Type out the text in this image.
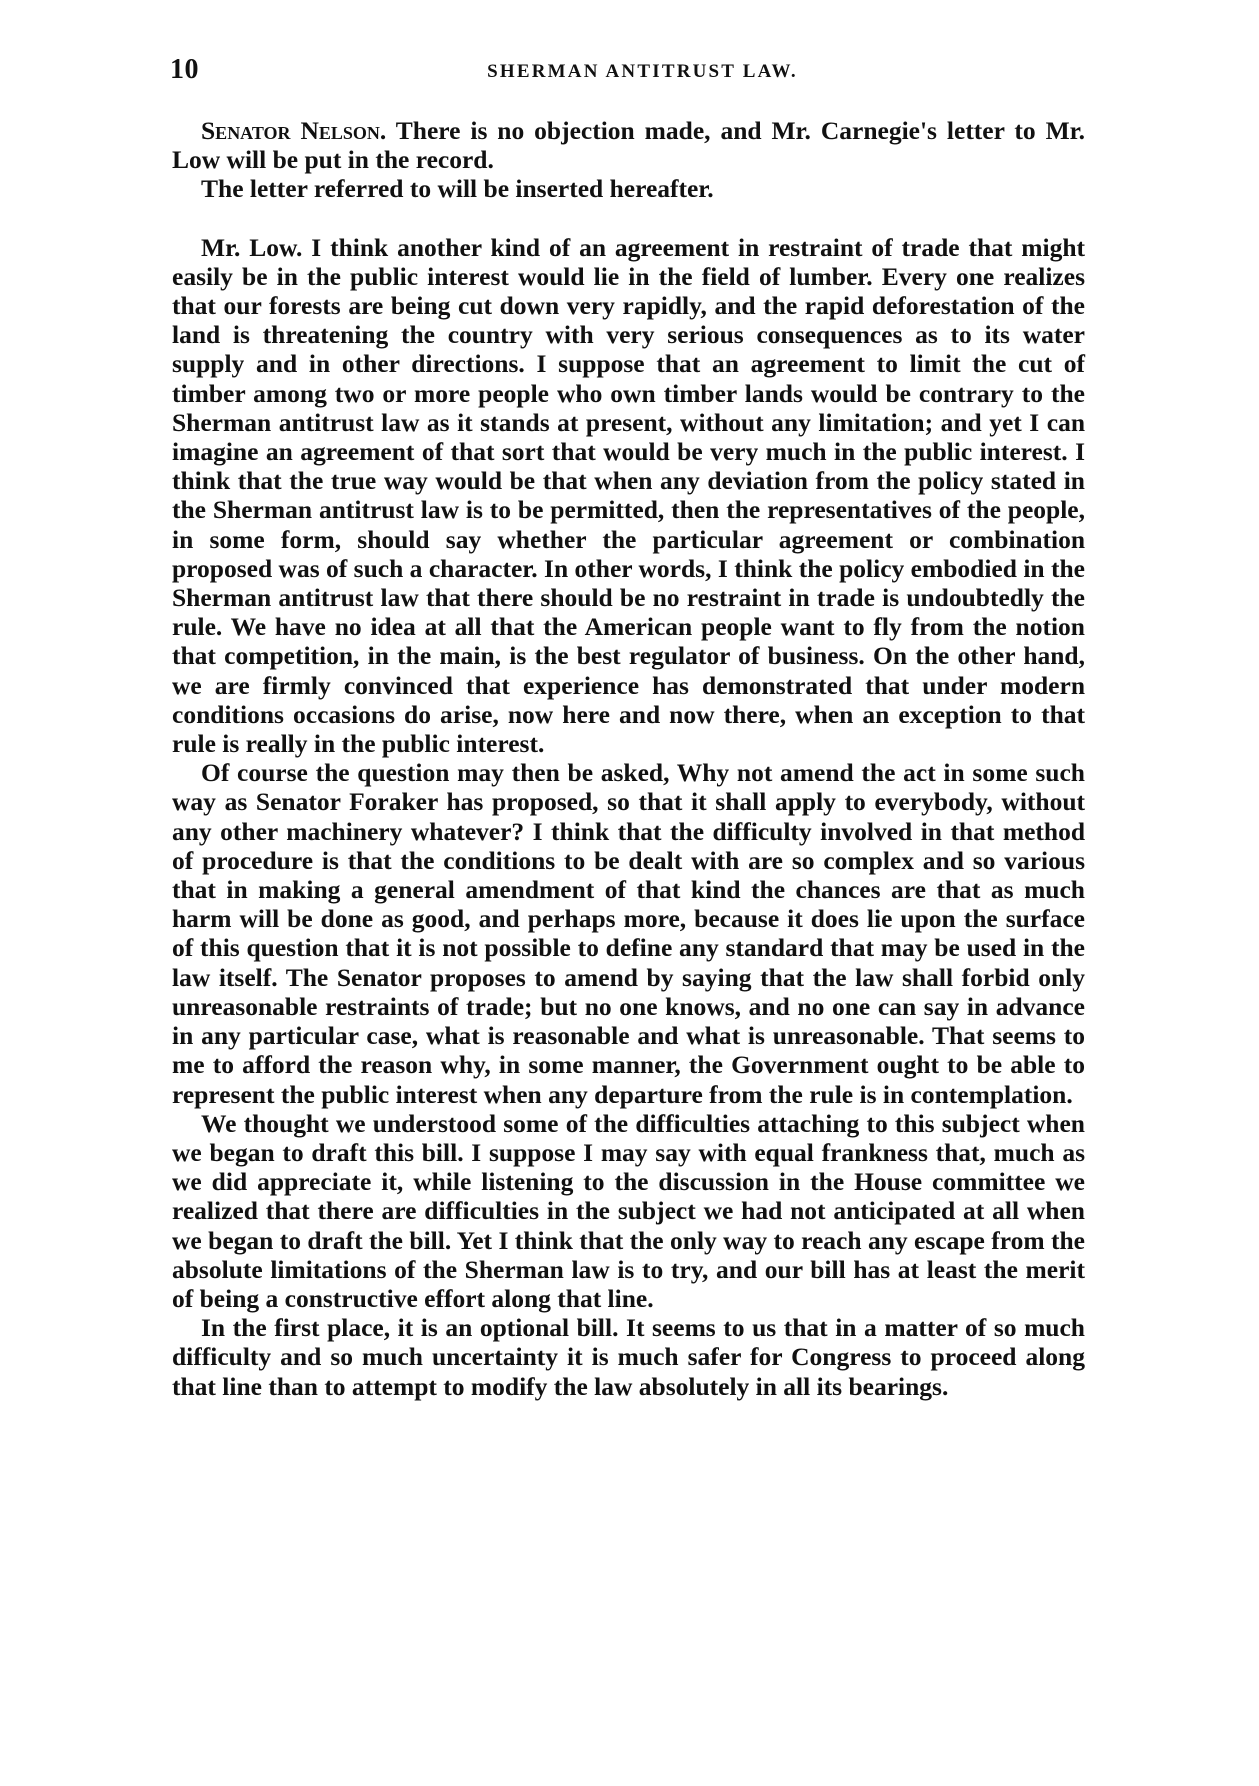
10	SHERMAN ANTITRUST LAW.

Senator Nelson. There is no objection made, and Mr. Carnegie's letter to Mr. Low will be put in the record.

The letter referred to will be inserted hereafter.

Mr. Low. I think another kind of an agreement in restraint of trade that might easily be in the public interest would lie in the field of lumber. Every one realizes that our forests are being cut down very rapidly, and the rapid deforestation of the land is threatening the country with very serious consequences as to its water supply and in other directions. I suppose that an agreement to limit the cut of timber among two or more people who own timber lands would be contrary to the Sherman antitrust law as it stands at present, without any limitation; and yet I can imagine an agreement of that sort that would be very much in the public interest. I think that the true way would be that when any deviation from the policy stated in the Sherman antitrust law is to be permitted, then the representatives of the people, in some form, should say whether the particular agreement or combination proposed was of such a character. In other words, I think the policy embodied in the Sherman antitrust law that there should be no restraint in trade is undoubtedly the rule. We have no idea at all that the American people want to fly from the notion that competition, in the main, is the best regulator of business. On the other hand, we are firmly convinced that experience has demonstrated that under modern conditions occasions do arise, now here and now there, when an exception to that rule is really in the public interest.

Of course the question may then be asked, Why not amend the act in some such way as Senator Foraker has proposed, so that it shall apply to everybody, without any other machinery whatever? I think that the difficulty involved in that method of procedure is that the conditions to be dealt with are so complex and so various that in making a general amendment of that kind the chances are that as much harm will be done as good, and perhaps more, because it does lie upon the surface of this question that it is not possible to define any standard that may be used in the law itself. The Senator proposes to amend by saying that the law shall forbid only unreasonable restraints of trade; but no one knows, and no one can say in advance in any particular case, what is reasonable and what is unreasonable. That seems to me to afford the reason why, in some manner, the Government ought to be able to represent the public interest when any departure from the rule is in contemplation.

We thought we understood some of the difficulties attaching to this subject when we began to draft this bill. I suppose I may say with equal frankness that, much as we did appreciate it, while listening to the discussion in the House committee we realized that there are difficulties in the subject we had not anticipated at all when we began to draft the bill. Yet I think that the only way to reach any escape from the absolute limitations of the Sherman law is to try, and our bill has at least the merit of being a constructive effort along that line.

In the first place, it is an optional bill. It seems to us that in a matter of so much difficulty and so much uncertainty it is much safer for Congress to proceed along that line than to attempt to modify the law absolutely in all its bearings.
